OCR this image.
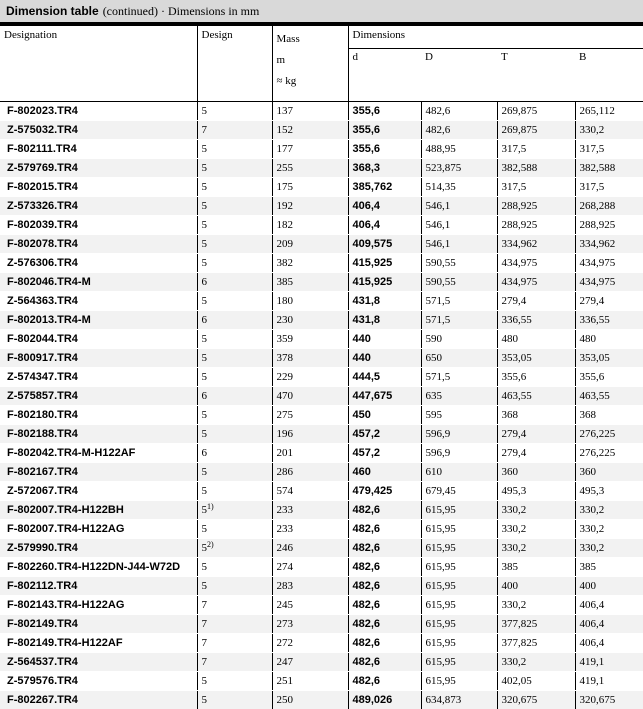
Dimension table (continued) · Dimensions in mm
Designation	Design	Mass
m
≈ kg	Dimensions			
			d	D	T	B
F-802023.TR4	5	137	355,6	482,6	269,875	265,112
Z-575032.TR4	7	152	355,6	482,6	269,875	330,2
F-802111.TR4	5	177	355,6	488,95	317,5	317,5
Z-579769.TR4	5	255	368,3	523,875	382,588	382,588
F-802015.TR4	5	175	385,762	514,35	317,5	317,5
Z-573326.TR4	5	192	406,4	546,1	288,925	268,288
F-802039.TR4	5	182	406,4	546,1	288,925	288,925
F-802078.TR4	5	209	409,575	546,1	334,962	334,962
Z-576306.TR4	5	382	415,925	590,55	434,975	434,975
F-802046.TR4-M	6	385	415,925	590,55	434,975	434,975
Z-564363.TR4	5	180	431,8	571,5	279,4	279,4
F-802013.TR4-M	6	230	431,8	571,5	336,55	336,55
F-802044.TR4	5	359	440	590	480	480
F-800917.TR4	5	378	440	650	353,05	353,05
Z-574347.TR4	5	229	444,5	571,5	355,6	355,6
Z-575857.TR4	6	470	447,675	635	463,55	463,55
F-802180.TR4	5	275	450	595	368	368
F-802188.TR4	5	196	457,2	596,9	279,4	276,225
F-802042.TR4-M-H122AF	6	201	457,2	596,9	279,4	276,225
F-802167.TR4	5	286	460	610	360	360
Z-572067.TR4	5	574	479,425	679,45	495,3	495,3
F-802007.TR4-H122BH	5$^{1)}$	233	482,6	615,95	330,2	330,2
F-802007.TR4-H122AG	5	233	482,6	615,95	330,2	330,2
Z-579990.TR4	5$^{2)}$	246	482,6	615,95	330,2	330,2
F-802260.TR4-H122DN-J44-W72D	5	274	482,6	615,95	385	385
F-802112.TR4	5	283	482,6	615,95	400	400
F-802143.TR4-H122AG	7	245	482,6	615,95	330,2	406,4
F-802149.TR4	7	273	482,6	615,95	377,825	406,4
F-802149.TR4-H122AF	7	272	482,6	615,95	377,825	406,4
Z-564537.TR4	7	247	482,6	615,95	330,2	419,1
Z-579576.TR4	5	251	482,6	615,95	402,05	419,1
F-802267.TR4	5	250	489,026	634,873	320,675	320,675
